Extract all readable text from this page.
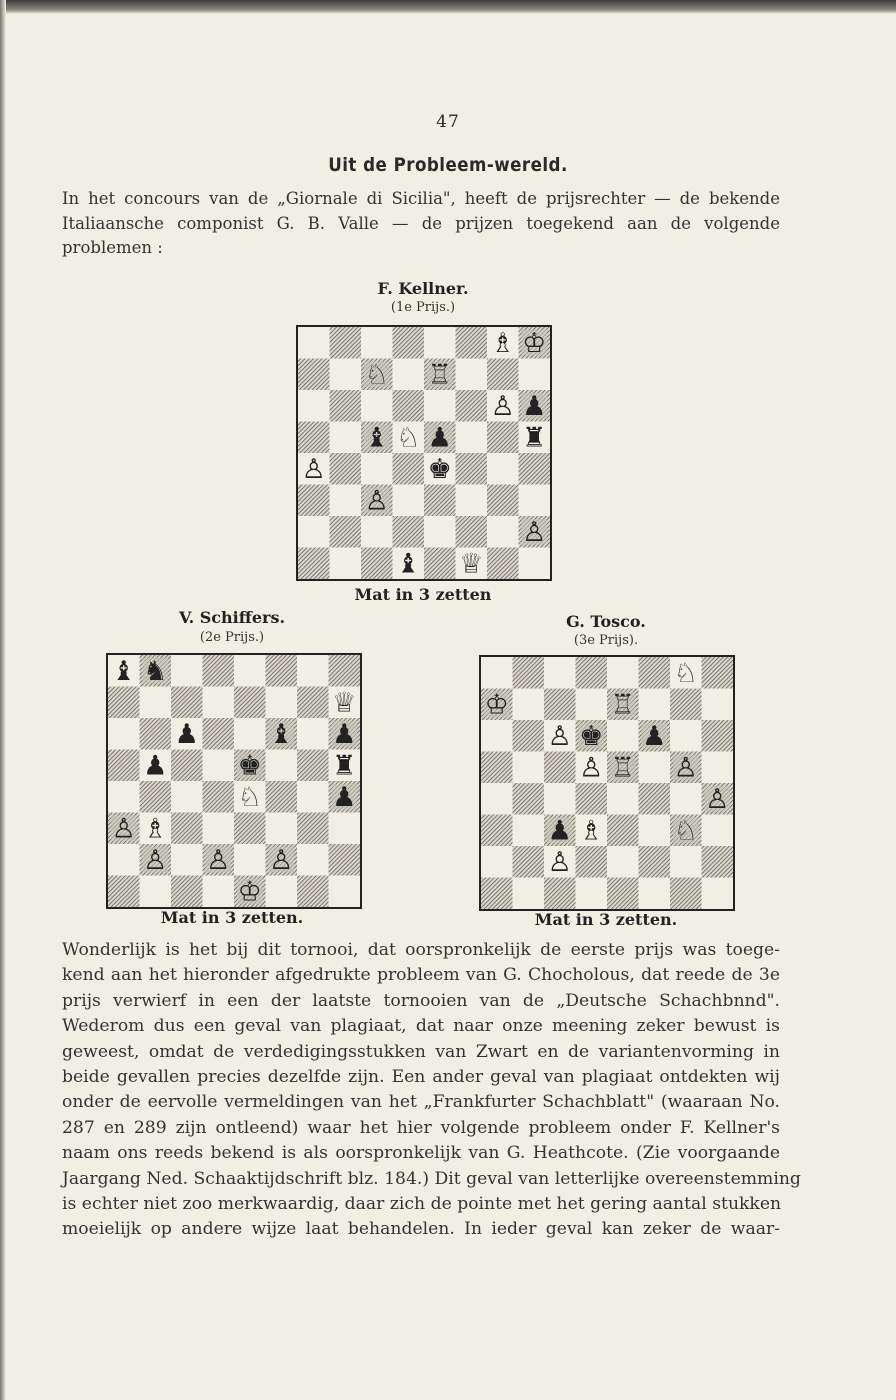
47
Uit de Probleem-wereld.
In het concours van de „Giornale di Sicilia", heeft de prijsrechter — de bekende
Italiaansche componist G. B. Valle — de prijzen toegekend aan de volgende
problemen :
F. Kellner.
(1e Prijs.)
♗ ♔
♘ ♖
♙ ♟
♝ ♘ ♟	♜
♙	♚
♙
♙
♝ ♕
Mat in 3 zetten
V. Schiffers.
(2e Prijs.)
♝ ♞
♕
♟	♝ ♟
♟	♚	♜
♘	♟
♙ ♗
♙ ♙ ♙
♔
Mat in 3 zetten.
G. Tosco.
(3e Prijs).
♘
♔	♖
♙ ♚ ♟
♙ ♖ ♙
♙
♟ ♗	♘
♙
Mat in 3 zetten.
Wonderlijk is het bij dit tornooi, dat oorspronkelijk de eerste prijs was toege-
kend aan het hieronder afgedrukte probleem van G. Chocholous, dat reede de 3e
prijs verwierf in een der laatste tornooien van de „Deutsche Schachbnnd".
Wederom dus een geval van plagiaat, dat naar onze meening zeker bewust is
geweest, omdat de verdedigingsstukken van Zwart en de variantenvorming in
beide gevallen precies dezelfde zijn. Een ander geval van plagiaat ontdekten wij
onder de eervolle vermeldingen van het „Frankfurter Schachblatt" (waaraan No.
287 en 289 zijn ontleend) waar het hier volgende probleem onder F. Kellner's
naam ons reeds bekend is als oorspronkelijk van G. Heathcote. (Zie voorgaande
Jaargang Ned. Schaaktijdschrift blz. 184.) Dit geval van letterlijke overeenstemming
is echter niet zoo merkwaardig, daar zich de pointe met het gering aantal stukken
moeielijk op andere wijze laat behandelen. In ieder geval kan zeker de waar-
